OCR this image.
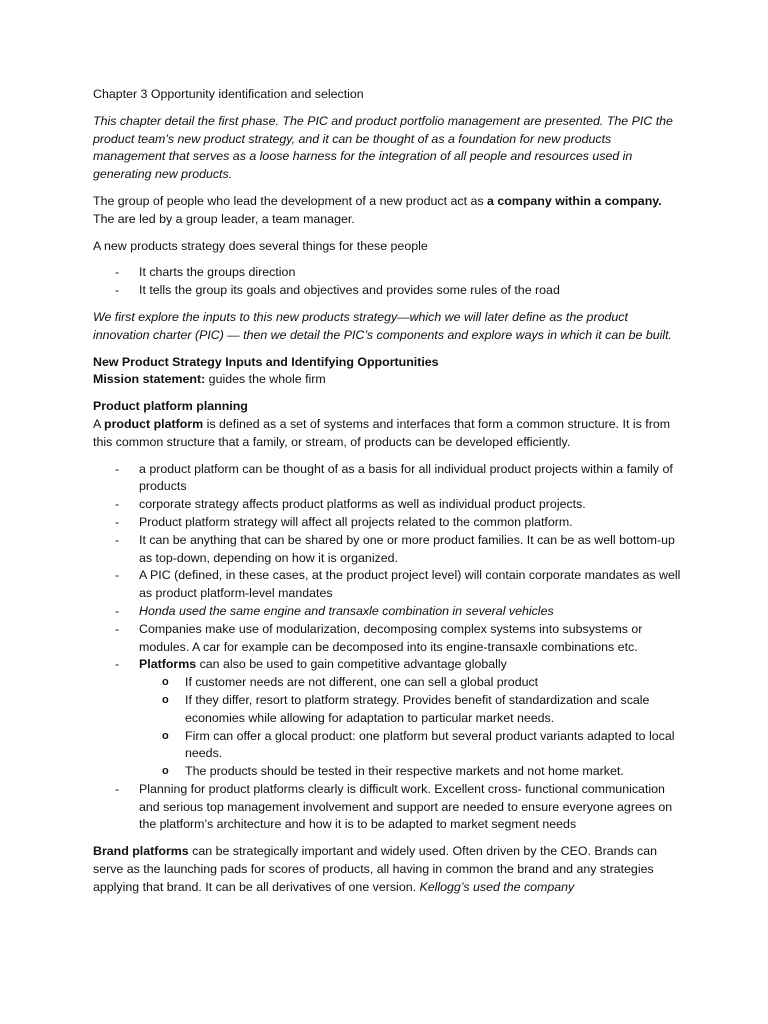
Chapter 3 Opportunity identification and selection

This chapter detail the first phase. The PIC and product portfolio management are presented. The PIC the product team’s new product strategy, and it can be thought of as a foundation for new products management that serves as a loose harness for the integration of all people and resources used in generating new products.

The group of people who lead the development of a new product act as a company within a company. The are led by a group leader, a team manager.

A new products strategy does several things for these people

- It charts the groups direction
- It tells the group its goals and objectives and provides some rules of the road

We first explore the inputs to this new products strategy—which we will later define as the product innovation charter (PIC) — then we detail the PIC’s components and explore ways in which it can be built.

New Product Strategy Inputs and Identifying Opportunities
Mission statement: guides the whole firm

Product platform planning
A product platform is defined as a set of systems and interfaces that form a common structure. It is from this common structure that a family, or stream, of products can be developed efficiently.

- a product platform can be thought of as a basis for all individual product projects within a family of products
- corporate strategy affects product platforms as well as individual product projects.
- Product platform strategy will affect all projects related to the common platform.
- It can be anything that can be shared by one or more product families. It can be as well bottom-up as top-down, depending on how it is organized.
- A PIC (defined, in these cases, at the product project level) will contain corporate mandates as well as product platform-level mandates
- Honda used the same engine and transaxle combination in several vehicles
- Companies make use of modularization, decomposing complex systems into subsystems or modules. A car for example can be decomposed into its engine-transaxle combinations etc.
- Platforms can also be used to gain competitive advantage globally
o If customer needs are not different, one can sell a global product
o If they differ, resort to platform strategy. Provides benefit of standardization and scale economies while allowing for adaptation to particular market needs.
o Firm can offer a glocal product: one platform but several product variants adapted to local needs.
o The products should be tested in their respective markets and not home market.
- Planning for product platforms clearly is difficult work. Excellent cross- functional communication and serious top management involvement and support are needed to ensure everyone agrees on the platform’s architecture and how it is to be adapted to market segment needs

Brand platforms can be strategically important and widely used. Often driven by the CEO. Brands can serve as the launching pads for scores of products, all having in common the brand and any strategies applying that brand. It can be all derivatives of one version. Kellogg’s used the company
